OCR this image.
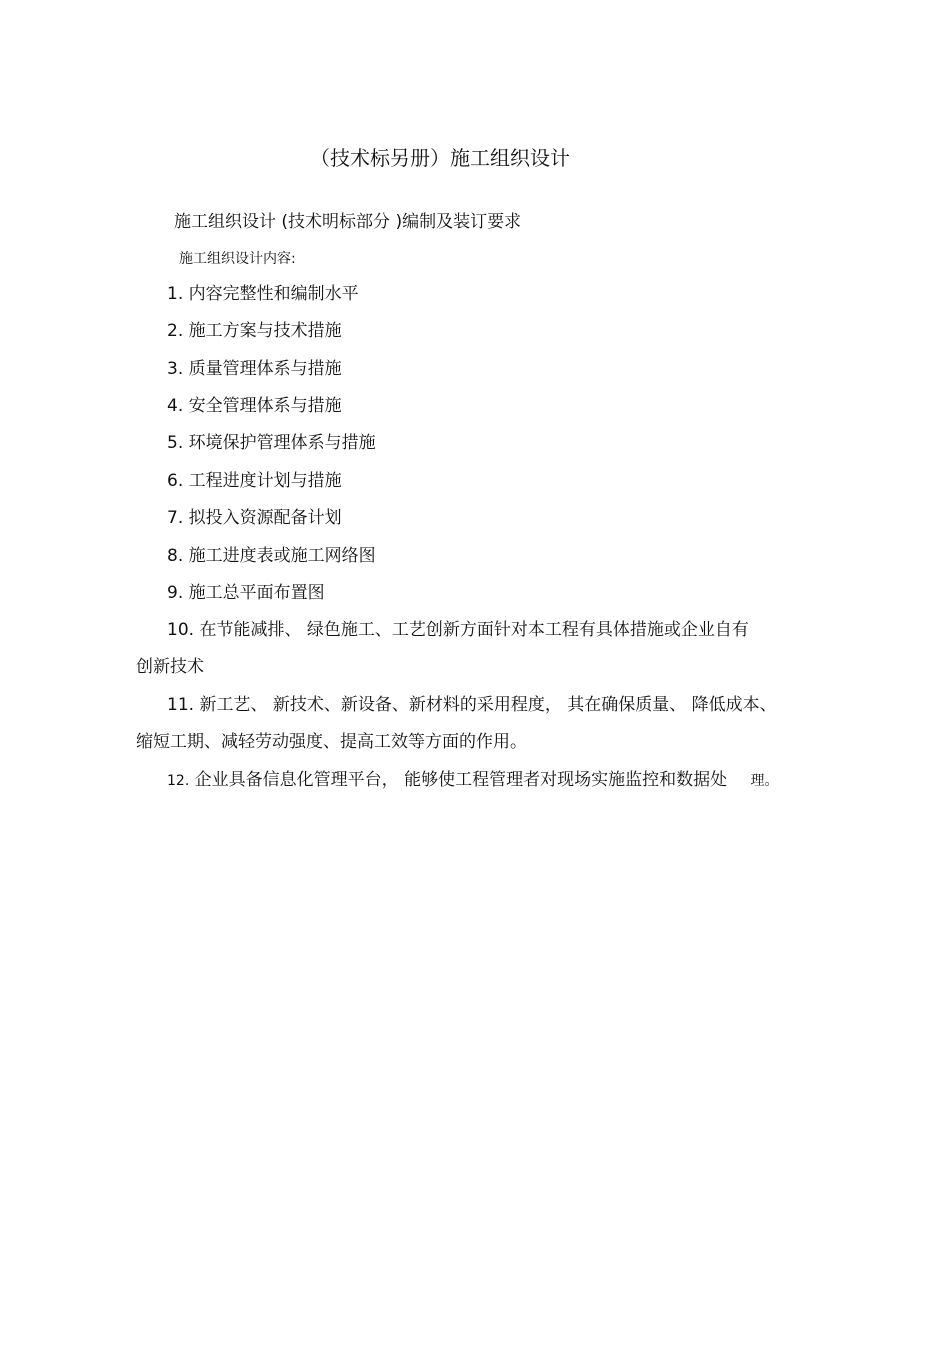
（技术标另册）施工组织设计
施工组织设计 (技术明标部分 )编制及装订要求
施工组织设计内容:
1. 内容完整性和编制水平
2. 施工方案与技术措施
3. 质量管理体系与措施
4. 安全管理体系与措施
5. 环境保护管理体系与措施
6. 工程进度计划与措施
7. 拟投入资源配备计划
8. 施工进度表或施工网络图
9. 施工总平面布置图
10. 在节能减排、 绿色施工、工艺创新方面针对本工程有具体措施或企业自有
创新技术
11. 新工艺、 新技术、新设备、新材料的采用程度， 其在确保质量、 降低成本、
缩短工期、减轻劳动强度、提高工效等方面的作用。
12. 企业具备信息化管理平台， 能够使工程管理者对现场实施监控和数据处 理。
